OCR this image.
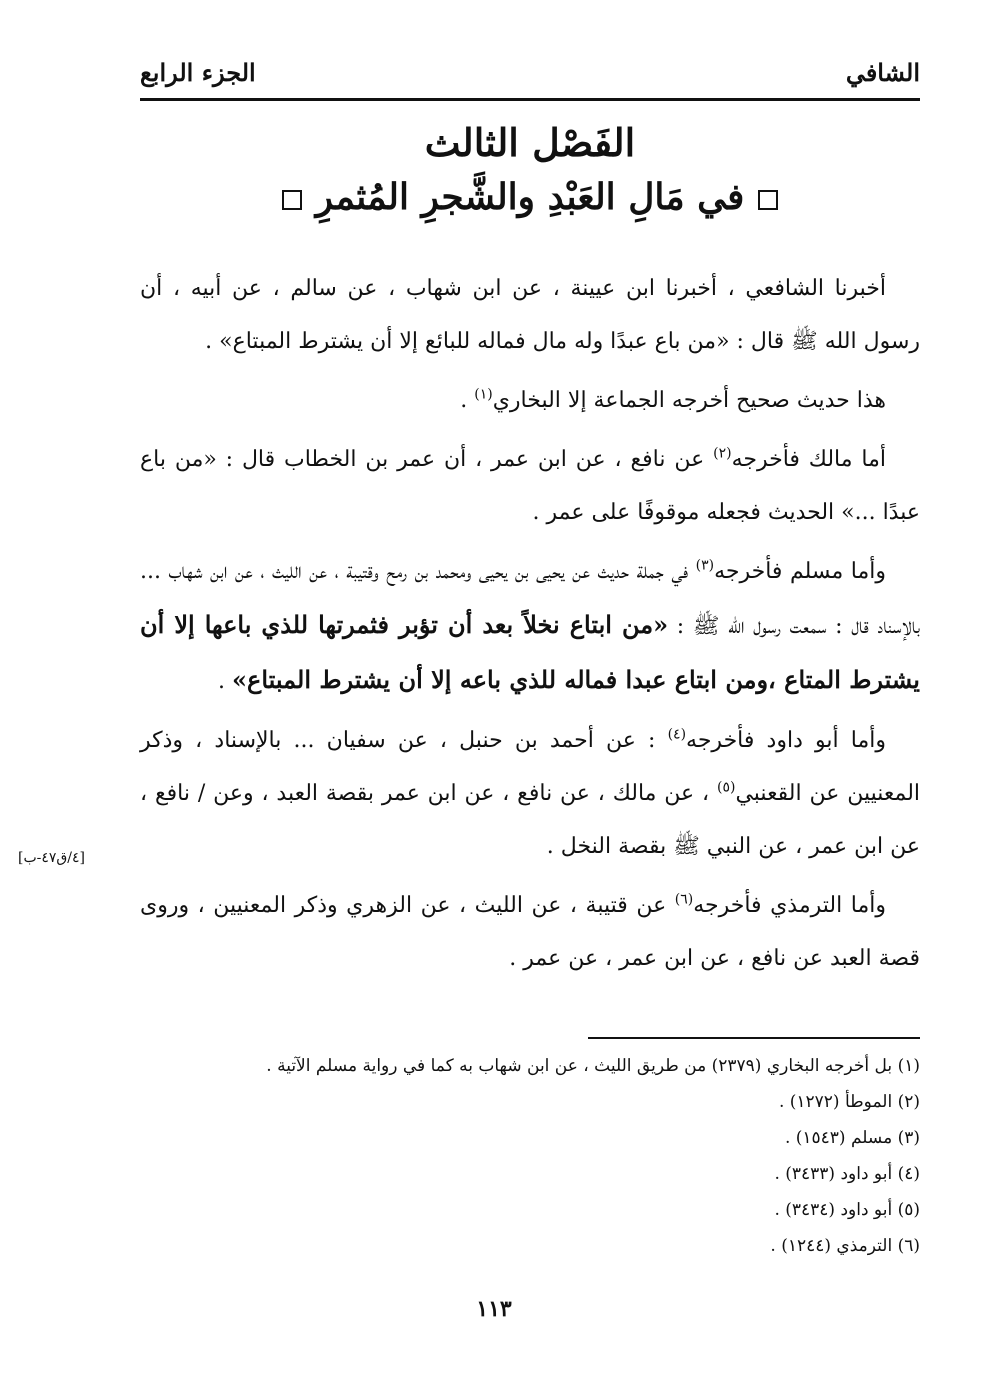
الشافي
الجزء الرابع
الفَصْل الثالث
في مَالِ العَبْدِ والشَّجرِ المُثمرِ

أخبرنا الشافعي ، أخبرنا ابن عيينة ، عن ابن شهاب ، عن سالم ، عن أبيه ، أن رسول الله ﷺ قال : «من باع عبدًا وله مال فماله للبائع إلا أن يشترط المبتاع» .

هذا حديث صحيح أخرجه الجماعة إلا البخاري$^{(١)}$ .

أما مالك فأخرجه$^{(٢)}$ عن نافع ، عن ابن عمر ، أن عمر بن الخطاب قال : «من باع عبدًا ...» الحديث فجعله موقوفًا على عمر .

وأما مسلم فأخرجه$^{(٣)}$ في جملة حديث عن يحيى بن يحيى ومحمد بن رمح وقتيبة ، عن الليث ، عن ابن شهاب ... بالإسناد قال : سمعت رسول الله ﷺ : «من ابتاع نخلاً بعد أن تؤبر فثمرتها للذي باعها إلا أن يشترط المتاع ،ومن ابتاع عبدا فماله للذي باعه إلا أن يشترط المبتاع» .

وأما أبو داود فأخرجه$^{(٤)}$ : عن أحمد بن حنبل ، عن سفيان ... بالإسناد ، وذكر المعنيين عن القعنبي$^{(٥)}$ ، عن مالك ، عن نافع ، عن ابن عمر بقصة العبد ، وعن / نافع ، عن ابن عمر ، عن النبي ﷺ بقصة النخل .

وأما الترمذي فأخرجه$^{(٦)}$ عن قتيبة ، عن الليث ، عن الزهري وذكر المعنيين ، وروى قصة العبد عن نافع ، عن ابن عمر ، عن عمر .

[٤/ق٤٧-ب]
(١) بل أخرجه البخاري (٢٣٧٩) من طريق الليث ، عن ابن شهاب به كما في رواية مسلم الآتية .
(٢) الموطأ (١٢٧٢) .
(٣) مسلم (١٥٤٣) .
(٤) أبو داود (٣٤٣٣) .
(٥) أبو داود (٣٤٣٤) .
(٦) الترمذي (١٢٤٤) .
١١٣
